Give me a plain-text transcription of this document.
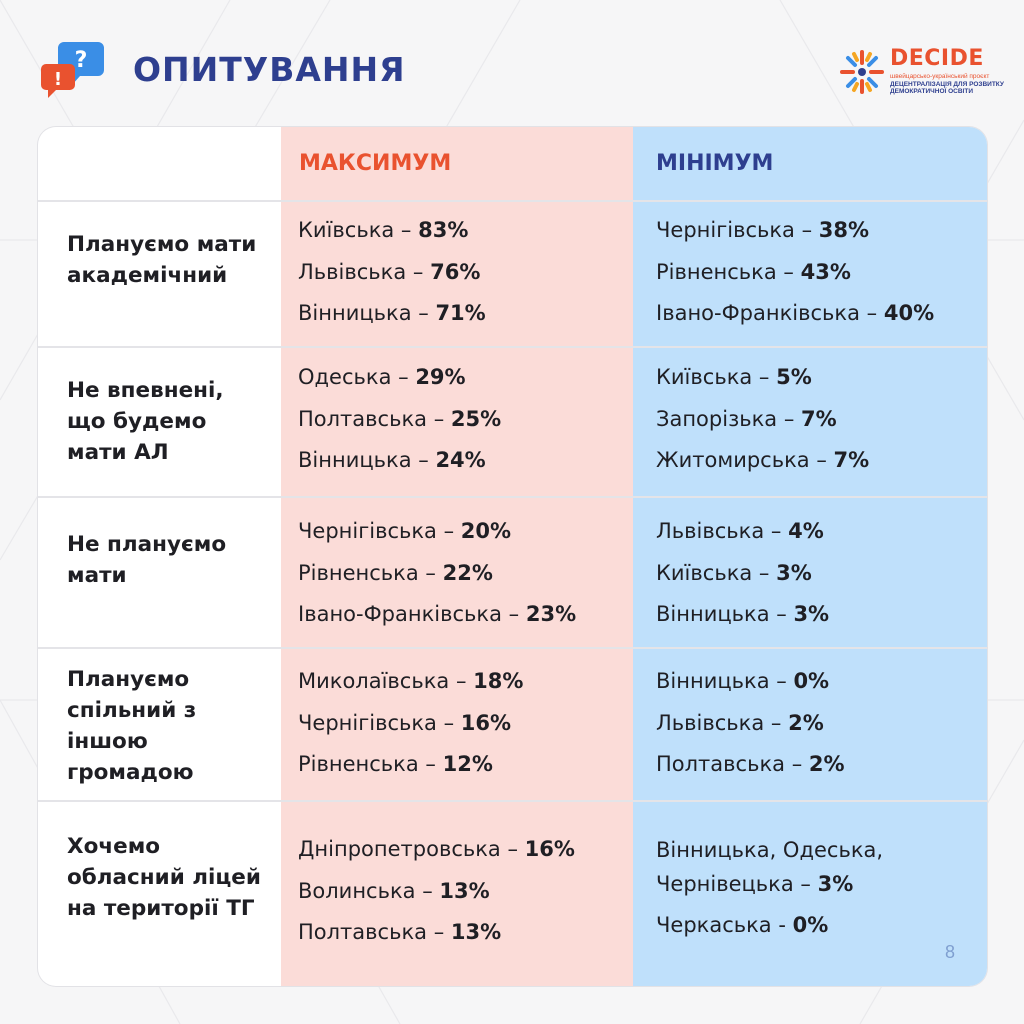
?
! ОПИТУВАННЯ	DECIDE
швейцарсько-український проєкт
ДЕЦЕНТРАЛІЗАЦІЯ ДЛЯ РОЗВИТКУ
ДЕМОКРАТИЧНОЇ ОСВІТИ
МАКСИМУМ	МІНІМУМ
Плануємо мати академічний
Київська – 83%
Львівська – 76%
Вінницька – 71%
Чернігівська – 38%
Рівненська – 43%
Івано-Франківська – 40%
Не впевнені, що будемо мати АЛ
Одеська – 29%
Полтавська – 25%
Вінницька – 24%
Київська – 5%
Запорізька – 7%
Житомирська – 7%
Не плануємо мати
Чернігівська – 20%
Рівненська – 22%
Івано-Франківська – 23%
Львівська – 4%
Київська – 3%
Вінницька – 3%
Плануємо спільний з іншою громадою
Миколаївська – 18%
Чернігівська – 16%
Рівненська – 12%
Вінницька – 0%
Львівська – 2%
Полтавська – 2%
Хочемо обласний ліцей на території ТГ
Дніпропетровська – 16%
Волинська – 13%
Полтавська – 13%
Вінницька, Одеська, Чернівецька – 3%
Черкаська - 0%
8
